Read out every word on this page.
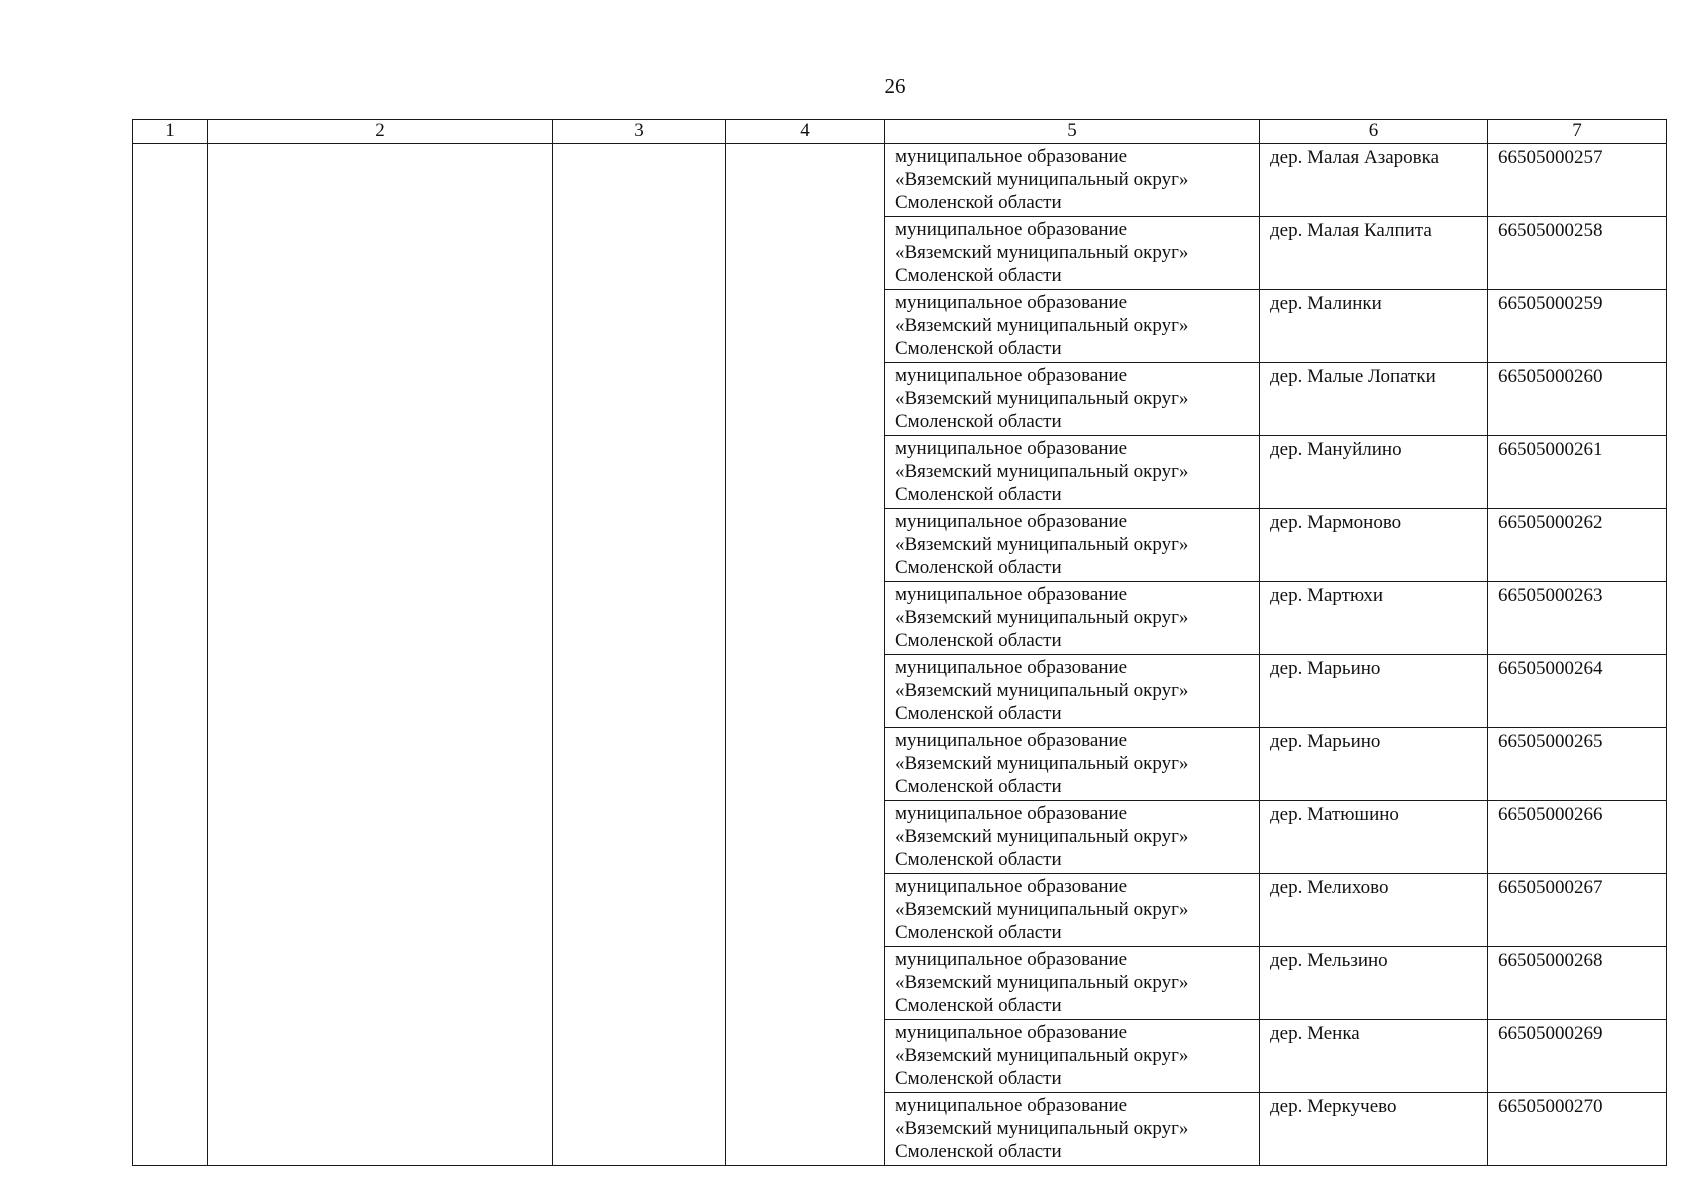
26
1	2	3	4	5	6	7

				муниципальное образование
«Вяземский муниципальный округ»
Смоленской области	дер. Малая Азаровка	66505000257

				муниципальное образование
«Вяземский муниципальный округ»
Смоленской области	дер. Малая Калпита	66505000258

				муниципальное образование
«Вяземский муниципальный округ»
Смоленской области	дер. Малинки	66505000259

				муниципальное образование
«Вяземский муниципальный округ»
Смоленской области	дер. Малые Лопатки	66505000260

				муниципальное образование
«Вяземский муниципальный округ»
Смоленской области	дер. Мануйлино	66505000261

				муниципальное образование
«Вяземский муниципальный округ»
Смоленской области	дер. Мармоново	66505000262

				муниципальное образование
«Вяземский муниципальный округ»
Смоленской области	дер. Мартюхи	66505000263

				муниципальное образование
«Вяземский муниципальный округ»
Смоленской области	дер. Марьино	66505000264

				муниципальное образование
«Вяземский муниципальный округ»
Смоленской области	дер. Марьино	66505000265

				муниципальное образование
«Вяземский муниципальный округ»
Смоленской области	дер. Матюшино	66505000266

				муниципальное образование
«Вяземский муниципальный округ»
Смоленской области	дер. Мелихово	66505000267

				муниципальное образование
«Вяземский муниципальный округ»
Смоленской области	дер. Мельзино	66505000268

				муниципальное образование
«Вяземский муниципальный округ»
Смоленской области	дер. Менка	66505000269

				муниципальное образование
«Вяземский муниципальный округ»
Смоленской области	дер. Меркучево	66505000270
